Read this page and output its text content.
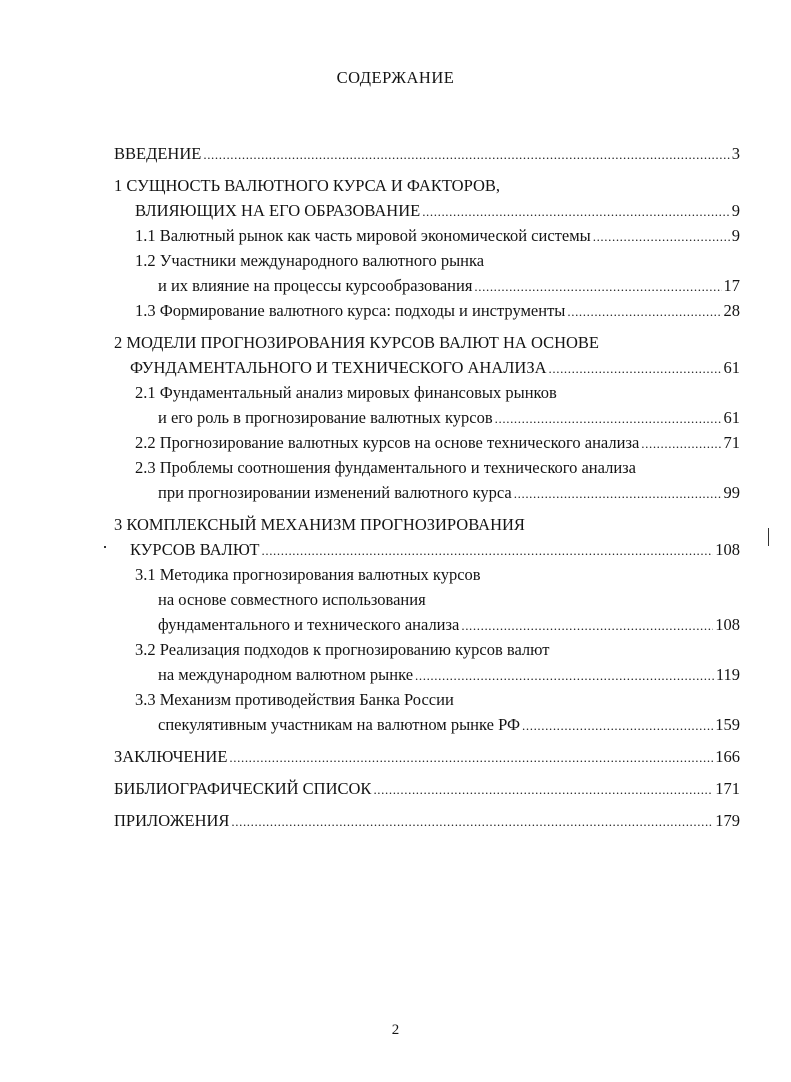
СОДЕРЖАНИЕ
ВВЕДЕНИЕ .....	3
1 СУЩНОСТЬ ВАЛЮТНОГО КУРСА И ФАКТОРОВ,
ВЛИЯЮЩИХ НА ЕГО ОБРАЗОВАНИЕ .....	9
1.1 Валютный рынок как часть мировой экономической системы .....	9
1.2 Участники международного валютного рынка
и их влияние на процессы курсообразования .....	17
1.3 Формирование валютного курса: подходы и инструменты .....	28
2 МОДЕЛИ ПРОГНОЗИРОВАНИЯ КУРСОВ ВАЛЮТ НА ОСНОВЕ
ФУНДАМЕНТАЛЬНОГО И ТЕХНИЧЕСКОГО АНАЛИЗА .....	61
2.1 Фундаментальный анализ мировых финансовых рынков
и его роль в прогнозирование валютных курсов .....	61
2.2 Прогнозирование валютных курсов на основе технического анализа .....	71
2.3 Проблемы соотношения фундаментального и технического анализа
при прогнозировании изменений валютного курса .....	99
3 КОМПЛЕКСНЫЙ МЕХАНИЗМ ПРОГНОЗИРОВАНИЯ
КУРСОВ ВАЛЮТ .....	108
3.1 Методика прогнозирования валютных курсов
на основе совместного использования
фундаментального и технического анализа .....	108
3.2 Реализация подходов к прогнозированию курсов валют
на международном валютном рынке .....	119
3.3 Механизм противодействия Банка России
спекулятивным участникам на валютном рынке РФ .....	159
ЗАКЛЮЧЕНИЕ .....	166
БИБЛИОГРАФИЧЕСКИЙ СПИСОК .....	171
ПРИЛОЖЕНИЯ .....	179
2
